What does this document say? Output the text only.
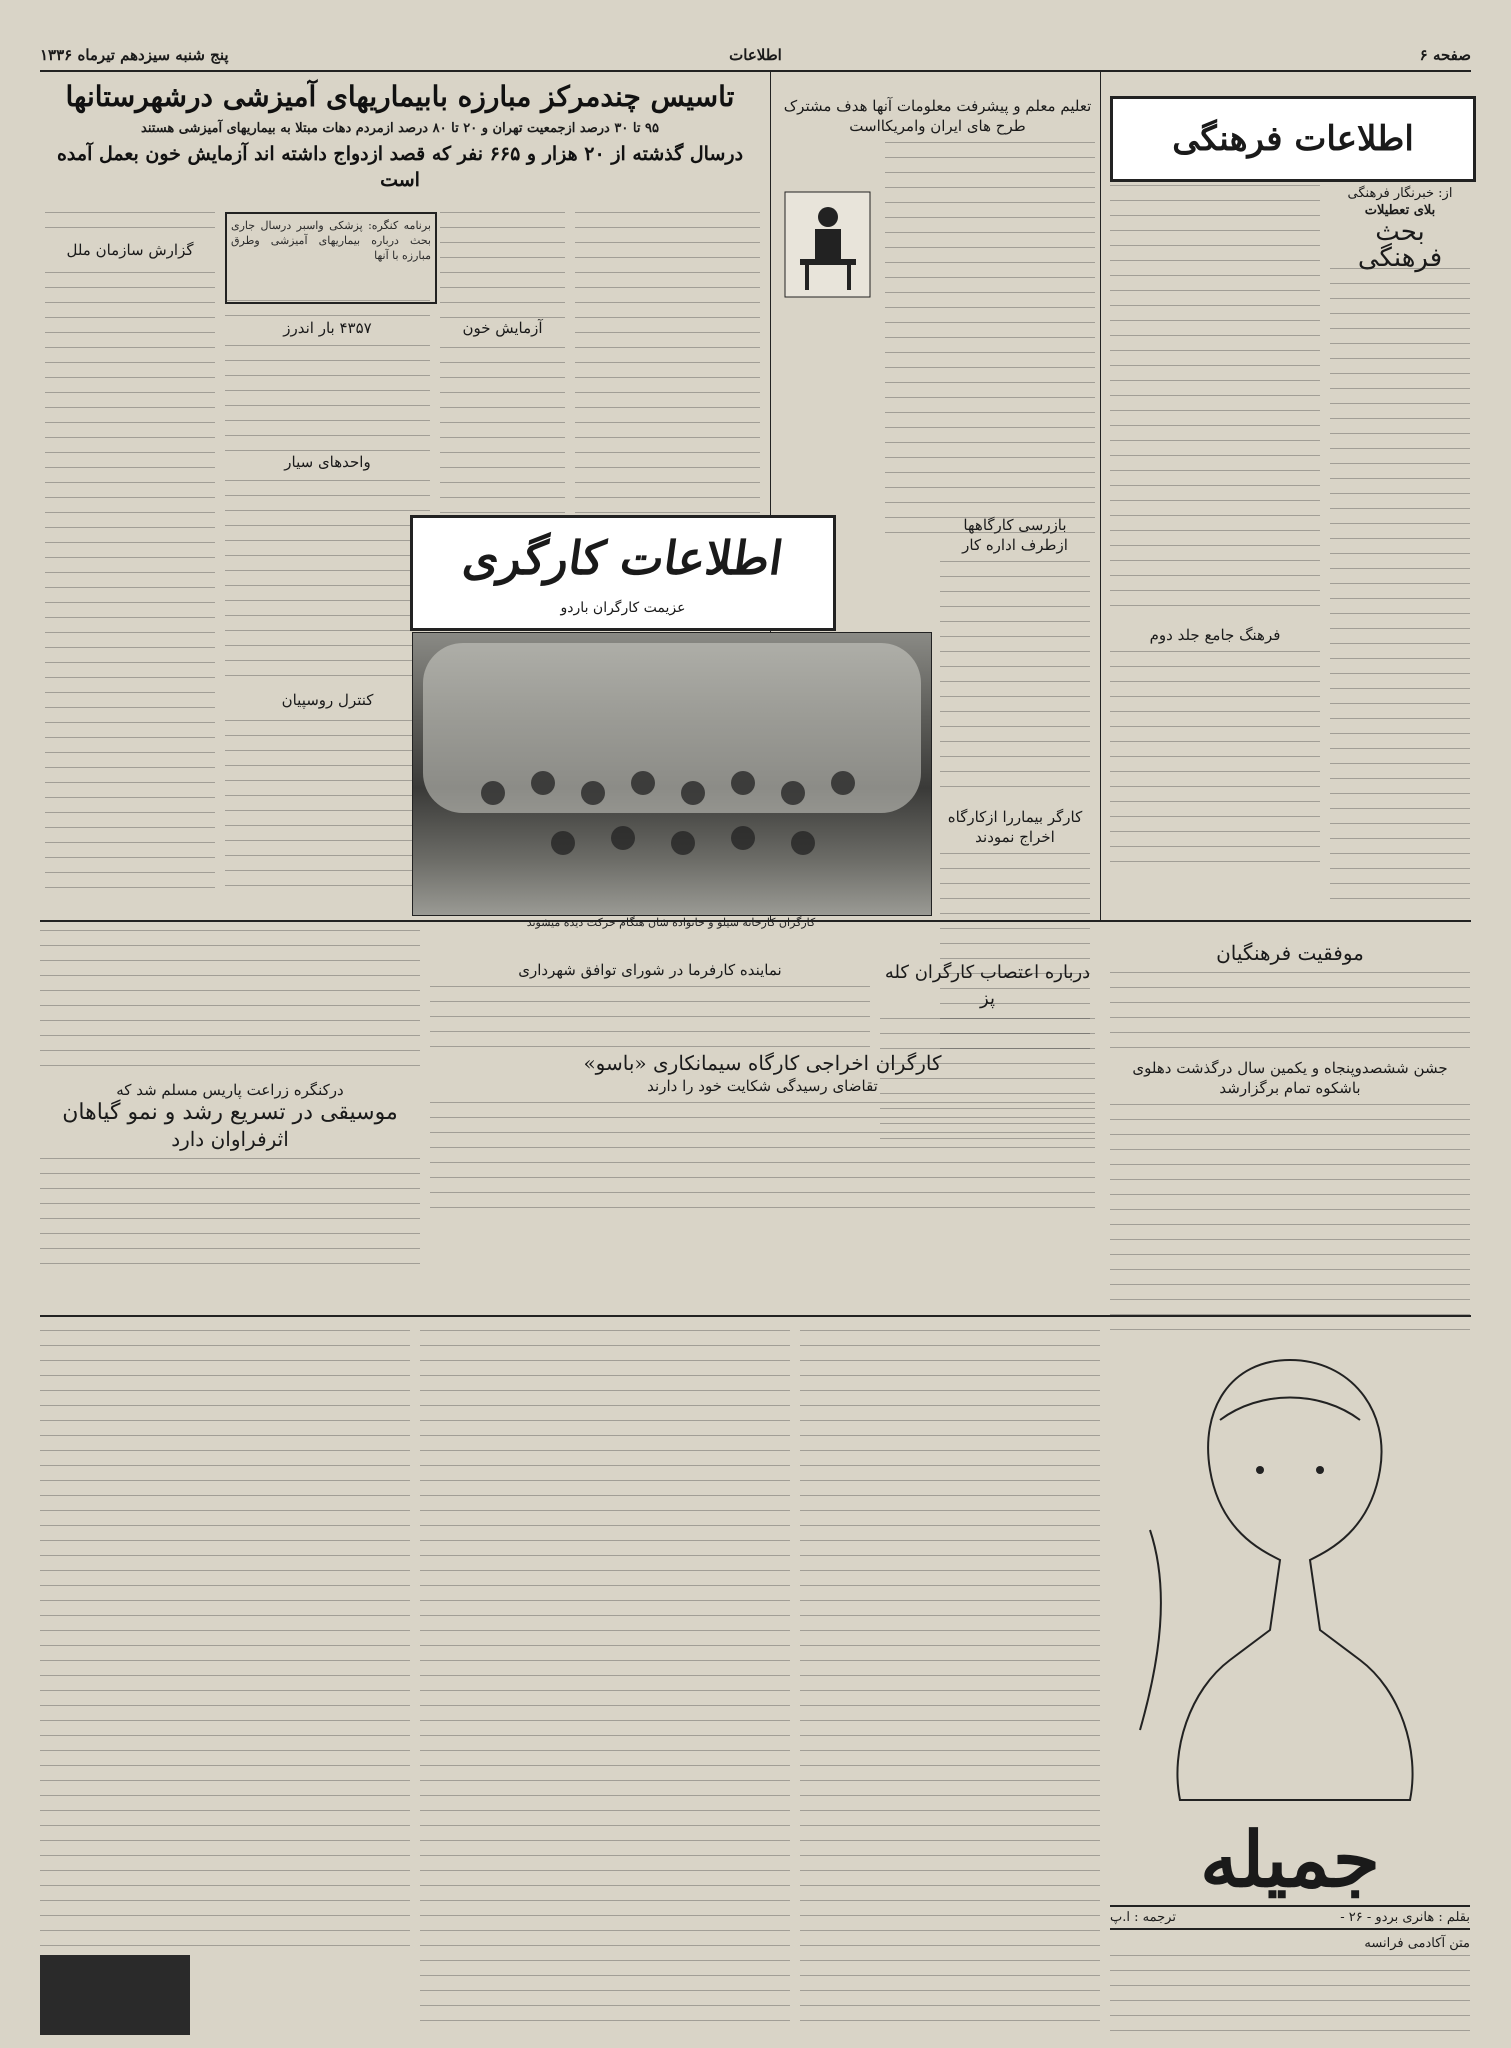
صفحه ۶
اطلاعات
پنج شنبه سیزدهم تیرماه ۱۳۳۶
تاسیس چندمرکز مبارزه بابیماریهای آمیزشی درشهرستانها
۹۵ تا ۳۰ درصد ازجمعیت تهران و ۲۰ تا ۸۰ درصد ازمردم دهات مبتلا به بیماریهای آمیزشی هستند
درسال گذشته از ۲۰ هزار و ۶۶۵ نفر که قصد ازدواج داشته اند آزمایش خون بعمل آمده است
برنامه کنگره: پزشکی واسبر درسال جاری بحث درباره بیماریهای آمیزشی وطرق مبارزه با آنها
گزارش سازمان ملل
۴۳۵۷ بار اندرز	آزمایش خون
واحدهای سیار
کنترل روسپیان
اطلاعات کارگری
عزیمت کارگران باردو
کارگران کارخانه سیلو و خانواده شان هنگام حرکت دیده میشوند
بازرسی کارگاهها ازطرف اداره کار
کارگر بیماررا ازکارگاه اخراج نمودند
درباره اعتصاب کارگران کله پز
نماینده کارفرما در شورای توافق شهرداری
کارگران اخراجی کارگاه سیمانکاری «باسو»
تقاضای رسیدگی شکایت خود را دارند
تعلیم معلم و پیشرفت معلومات آنها هدف مشترک
طرح های ایران وامریکااست	اطلاعات فرهنگی
از: خبرنگار فرهنگی
بلای تعطیلات
بحث فرهنگی
فرهنگ جامع جلد دوم
موفقیت فرهنگیان
جشن ششصدوپنجاه و یکمین سال درگذشت دهلوی باشکوه تمام برگزارشد
درکنگره زراعت پاریس مسلم شد که
موسیقی در تسریع رشد و نمو گیاهان
اثرفراوان دارد
جمیله
بقلم : هانری بردو - ۲۶ -
ترجمه : ا.پ
متن آکادمی فرانسه
